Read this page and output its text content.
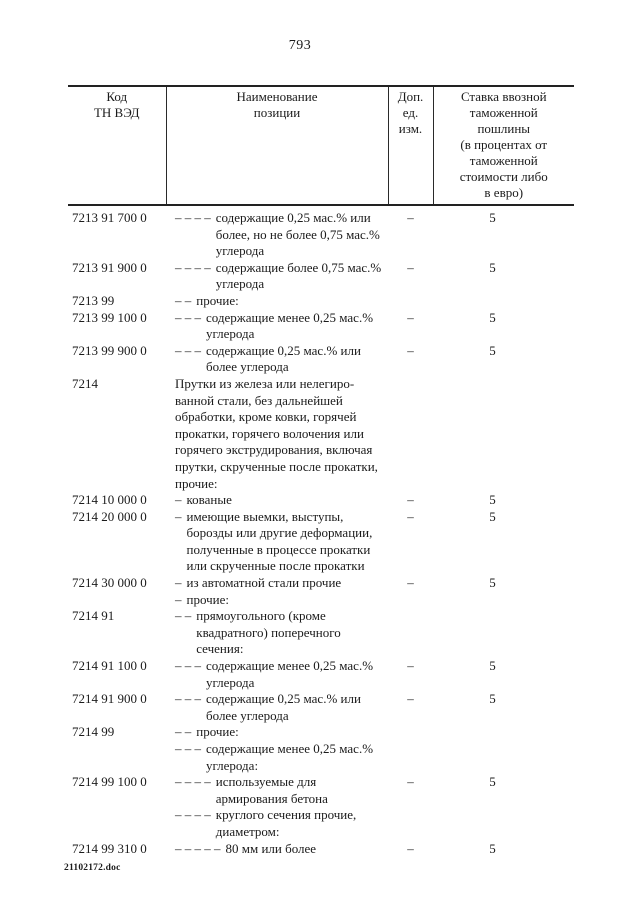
793
Код
ТН ВЭД

Наименование
позиции

Доп.
ед.
изм.

Ставка ввозной
таможенной
пошлины
(в процентах от
таможенной
стоимости либо
в евро)

7213 91 700 0	– – – – содержащие 0,25 мас.% или
более, но не более 0,75 мас.%
углерода	–	5
7213 91 900 0	– – – – содержащие более 0,75 мас.%
углерода	–	5
7213 99	– – прочие:		

7213 99 100 0	– – – содержащие менее 0,25 мас.%
углерода	–	5
7213 99 900 0	– – – содержащие 0,25 мас.% или
более углерода	–	5
7214	Прутки из железа или нелегиро-
ванной стали, без дальнейшей
обработки, кроме ковки, горячей
прокатки, горячего волочения или
горячего экструдирования, включая
прутки, скрученные после прокатки,
прочие:

7214 10 000 0	– кованые	–	5
7214 20 000 0	– имеющие выемки, выступы,
борозды или другие деформации,
полученные в процессе прокатки
или скрученные после прокатки	–	5
7214 30 000 0	– из автоматной стали прочие	–	5

	– прочие:		

7214 91	– – прямоугольного (кроме
квадратного) поперечного
сечения:		

7214 91 100 0	– – – содержащие менее 0,25 мас.%
углерода	–	5
7214 91 900 0	– – – содержащие 0,25 мас.% или
более углерода	–	5
7214 99	– – прочие:		

	– – – содержащие менее 0,25 мас.%
углерода:		

7214 99 100 0	– – – – используемые для
армирования бетона	–	5

	– – – – круглого сечения прочие,
диаметром:		

7214 99 310 0	– – – – – 80 мм или более	–	5
21102172.doc
